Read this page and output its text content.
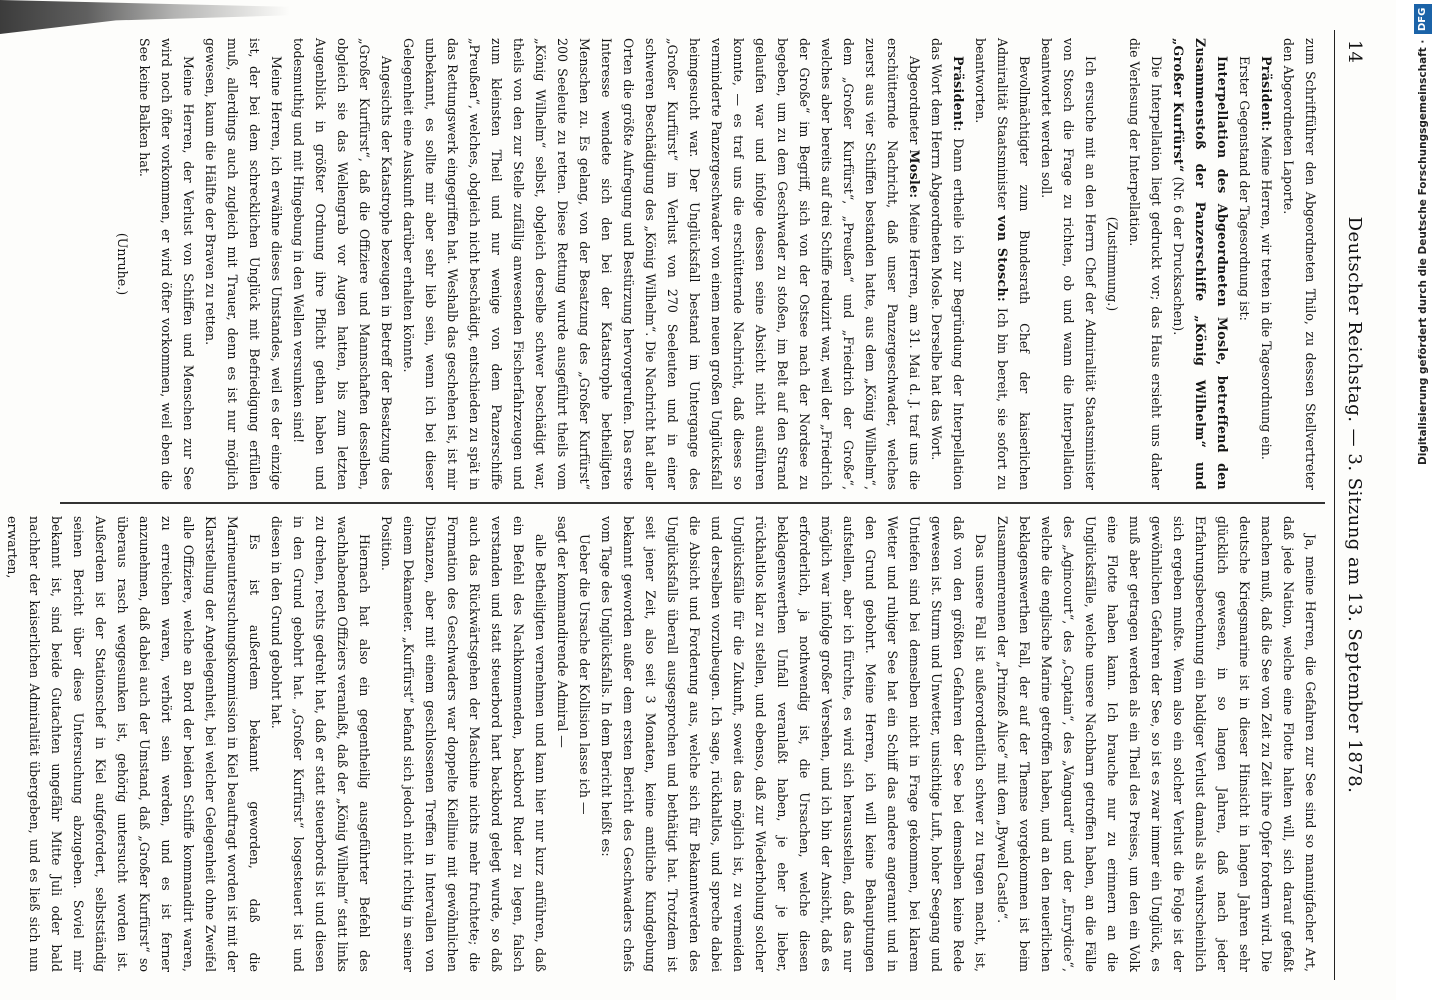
14
Deutscher Reichstag. — 3. Sitzung am 13. September 1878.

zum Schriftführer den Abgeordneten Thilo, zu dessen Stellvertreter den Abgeordneten Laporte.

Präsident: Meine Herren, wir treten in die Tagesordnung ein.

Erster Gegenstand der Tagesordnung ist:

Interpellation des Abgeordneten Mosle, betreffend den Zusammenstoß der Panzerschiffe „König Wilhelm“ und „Großer Kurfürst“ (Nr. 6 der Drucksachen).

Die Interpellation liegt gedruckt vor; das Haus ersieht uns daher die Verlesung der Interpellation.

(Zustimmung.)

Ich ersuche mit an den Herrn Chef der Admiralität Staatsminister von Stosch die Frage zu richten, ob und wann die Interpellation beantwortet werden soll.

Bevollmächtigter zum Bundesrath Chef der kaiserlichen Admiralität Staatsminister von Stosch: Ich bin bereit, sie sofort zu beantworten.

Präsident: Dann ertheile ich zur Begründung der Interpellation das Wort dem Herrn Abgeordneten Mosle. Derselbe hat das Wort.

Abgeordneter Mosle: Meine Herren, am 31. Mai d. J. traf uns die erschütternde Nachricht, daß unser Panzergeschwader, welches zuerst aus vier Schiffen bestanden hatte, aus dem „König Wilhelm“, dem „Großer Kurfürst“, „Preußen“ und „Friedrich der Große“, welches aber bereits auf drei Schiffe reduzirt war, weil der „Friedrich der Große“ im Begriff, sich von der Ostsee nach der Nordsee zu begeben, um zu dem Geschwader zu stoßen, im Belt auf den Strand gelaufen war und infolge dessen seine Absicht nicht ausführen konnte, — es traf uns die erschütternde Nachricht, daß dieses so verminderte Panzergeschwader von einem neuen großen Unglücksfall heimgesucht war. Der Unglücksfall bestand im Untergange des „Großer Kurfürst“ im Verlust von 270 Seeleuten und in einer schweren Beschädigung des „König Wilhelm“. Die Nachricht hat aller Orten die größte Aufregung und Bestürzung hervorgerufen. Das erste Interesse wendete sich den bei der Katastrophe betheiligten Menschen zu. Es gelang, von der Besatzung des „Großer Kurfürst“ 200 Seeleute zu retten. Diese Rettung wurde ausgeführt theils vom „König Wilhelm“ selbst, obgleich derselbe schwer beschädigt war, theils von den zur Stelle zufällig anwesenden Fischerfahrzeugen und zum kleinsten Theil und nur wenige von dem Panzerschiffe „Preußen“, welches, obgleich nicht beschädigt, entschieden zu spät in das Rettungswerk eingegriffen hat. Weshalb das geschehen ist, ist mir unbekannt, es sollte mir aber sehr lieb sein, wenn ich bei dieser Gelegenheit eine Auskunft darüber erhalten könnte.

Angesichts der Katastrophe bezeugen in Betreff der Besatzung des „Großer Kurfürst“, daß die Offiziere und Mannschaften desselben, obgleich sie das Wellengrab vor Augen hatten, bis zum letzten Augenblick in größter Ordnung ihre Pflicht gethan haben und todesmuthig und mit Hingebung in den Wellen versunken sind!

Meine Herren, ich erwähne dieses Umstandes, weil es der einzige ist, der bei dem schrecklichen Unglück mit Befriedigung erfüllen muß, allerdings auch zugleich mit Trauer, denn es ist nur möglich gewesen, kaum die Hälfte der Braven zu retten.

Meine Herren, der Verlust von Schiffen und Menschen zur See wird noch öfter vorkommen, er wird öfter vorkommen, weil eben die See keine Balken hat.

(Unruhe.)

Ja, meine Herren, die Gefahren zur See sind so mannigfacher Art, daß jede Nation, welche eine Flotte halten will, sich darauf gefaßt machen muß, daß die See von Zeit zu Zeit ihre Opfer fordern wird. Die deutsche Kriegsmarine ist in dieser Hinsicht in langen Jahren sehr glücklich gewesen, in so langen Jahren, daß nach jeder Erfahrungsberechnung ein baldiger Verlust damals als wahrscheinlich sich ergeben mußte. Wenn also ein solcher Verlust die Folge ist der gewöhnlichen Gefahren der See, so ist es zwar immer ein Unglück, es muß aber getragen werden als ein Theil des Preises, um den ein Volk eine Flotte haben kann. Ich brauche nur zu erinnern an die Unglücksfälle, welche unsere Nachbarn getroffen haben, an die Fälle des „Agincourt“, des „Captain“, des „Vanguard“ und der „Eurydice“, welche die englische Marine getroffen haben, und an den neuerlichen beklagenswerthen Fall, der auf der Themse vorgekommen ist beim Zusammenrennen der „Prinzeß Alice“ mit dem „Bywell Castle“.

Das unsere Fall ist außerordentlich schwer zu tragen macht, ist, daß von den größten Gefahren der See bei demselben keine Rede gewesen ist. Sturm und Unwetter, unsichtige Luft, hoher Seegang und Untiefen sind bei demselben nicht in Frage gekommen, bei klarem Wetter und ruhiger See hat ein Schiff das andere angerannt und in den Grund gebohrt. Meine Herren, ich will keine Behauptungen aufstellen, aber ich fürchte, es wird sich herausstellen, daß das nur möglich war infolge großer Versehen, und ich bin der Ansicht, daß es erforderlich, ja nothwendig ist, die Ursachen, welche diesen beklagenswerthen Unfall veranlaßt haben, je eher je lieber, rückhaltlos klar zu stellen, und ebenso, daß zur Wiederholung solcher Unglücksfälle für die Zukunft, soweit das möglich ist, zu vermeiden und derselben vorzubeugen. Ich sage, rückhaltlos, und spreche dabei die Absicht und Forderung aus, welche sich für Bekanntwerden des Unglücksfalls überall ausgesprochen und bethätigt hat. Trotzdem ist seit jener Zeit, also seit 3 Monaten, keine amtliche Kundgebung bekannt geworden außer dem ersten Bericht des Geschwaders chefs vom Tage des Unglücksfalls. In dem Bericht heißt es:

Ueber die Ursache der Kollision lasse ich —

sagt der kommandirende Admiral —

alle Betheiligten vernehmen und kann hier nur kurz anführen, daß ein Befehl des Nachkommenden, backbord Ruder zu legen, falsch verstanden und statt steuerbord hart backbord gelegt wurde, so daß auch das Rückwärtsgehen der Maschine nichts mehr fruchtete; die Formation des Geschwaders war doppelte Kiellinie mit gewöhnlichen Distanzen, aber mit einem geschlossenen Treffen in Intervallen von einem Dekameter. „Kurfürst“ befand sich jedoch nicht richtig in seiner Position.

Hiernach hat also ein gegentheilig ausgeführter Befehl des wachhabenden Offiziers veranlaßt, daß der „König Wilhelm“ statt links zu drehen, rechts gedreht hat, daß er statt steuerbords ist und diesen in den Grund gebohrt hat. „Großer Kurfürst“ losgesteuert ist und diesen in den Grund gebohrt hat.

Es ist außerdem bekannt geworden, daß die Marineuntersuchungskommission in Kiel beauftragt worden ist mit der Klarstellung der Angelegenheit, bei welcher Gelegenheit ohne Zweifel alle Offiziere, welche an Bord der beiden Schiffe kommandirt waren, zu erreichen waren, verhört sein werden, und es ist ferner anzunehmen, daß dabei auch der Umstand, daß „Großer Kurfürst“ so überaus rasch weggesunken ist, gehörig untersucht worden ist. Außerdem ist der Stationschef in Kiel aufgefordert, selbstständig seinen Bericht über diese Untersuchung abzugeben. Soviel mir bekannt ist, sind beide Gutachten ungefähr Mitte Juli oder bald nachher der kaiserlichen Admiralität übergeben, und es ließ sich nun erwarten,

DFG
Digitalisierung gefördert durch die Deutsche Forschungsgemeinschaft ·
